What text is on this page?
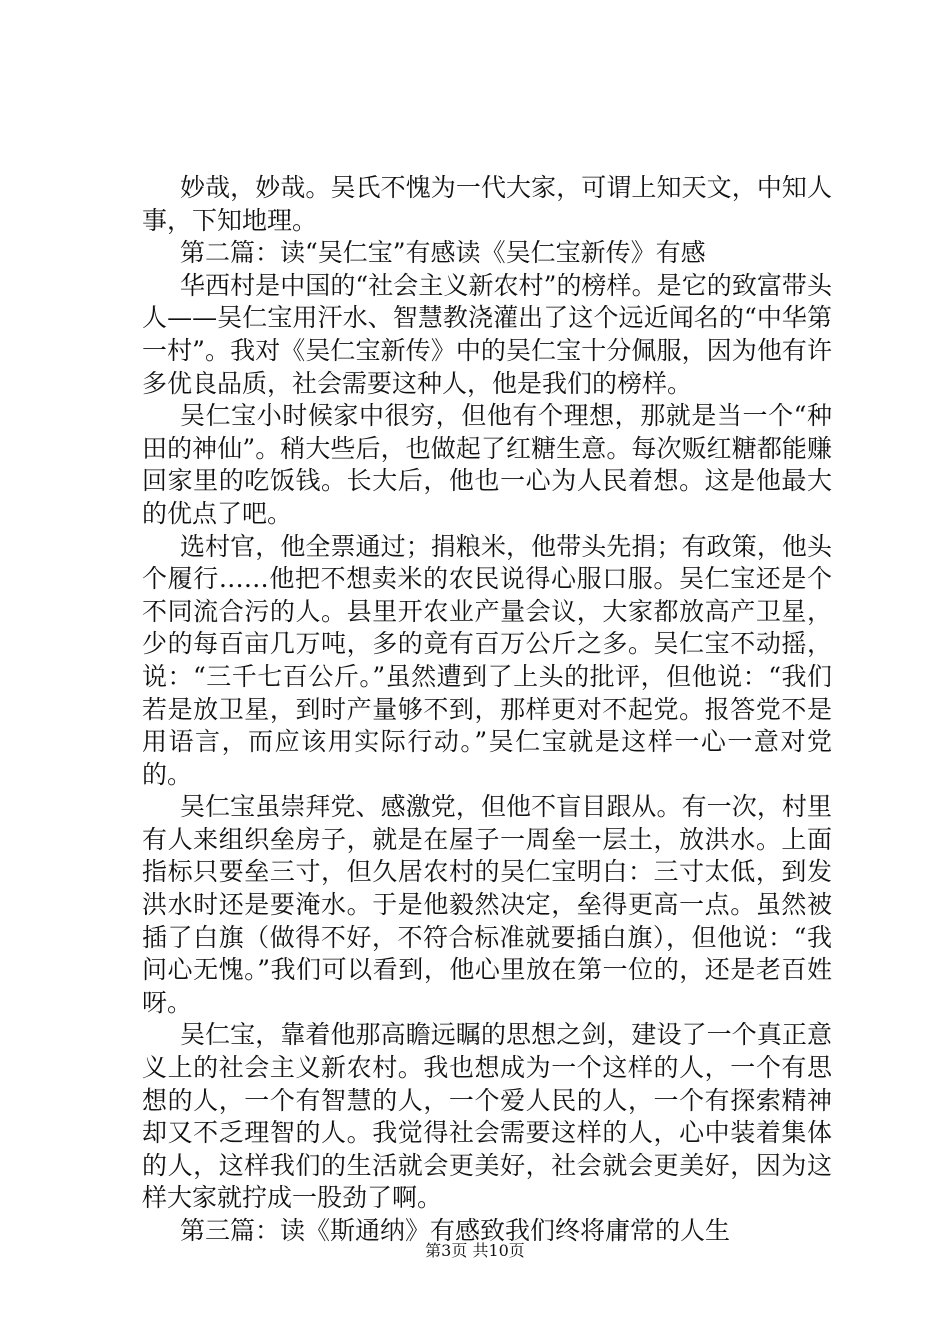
妙哉，妙哉。吴氏不愧为一代大家，可谓上知天文，中知人事，下知地理。

第二篇：读“吴仁宝”有感读《吴仁宝新传》有感

华西村是中国的“社会主义新农村”的榜样。是它的致富带头人——吴仁宝用汗水、智慧教浇灌出了这个远近闻名的“中华第一村”。我对《吴仁宝新传》中的吴仁宝十分佩服，因为他有许多优良品质，社会需要这种人，他是我们的榜样。

吴仁宝小时候家中很穷，但他有个理想，那就是当一个“种田的神仙”。稍大些后，也做起了红糖生意。每次贩红糖都能赚回家里的吃饭钱。长大后，他也一心为人民着想。这是他最大的优点了吧。

选村官，他全票通过；捐粮米，他带头先捐；有政策，他头个履行……他把不想卖米的农民说得心服口服。吴仁宝还是个不同流合污的人。县里开农业产量会议，大家都放高产卫星，少的每百亩几万吨，多的竟有百万公斤之多。吴仁宝不动摇，说：“三千七百公斤。”虽然遭到了上头的批评，但他说：“我们若是放卫星，到时产量够不到，那样更对不起党。报答党不是用语言，而应该用实际行动。”吴仁宝就是这样一心一意对党的。

吴仁宝虽崇拜党、感激党，但他不盲目跟从。有一次，村里有人来组织垒房子，就是在屋子一周垒一层土，放洪水。上面指标只要垒三寸，但久居农村的吴仁宝明白：三寸太低，到发洪水时还是要淹水。于是他毅然决定，垒得更高一点。虽然被插了白旗（做得不好，不符合标准就要插白旗），但他说：“我问心无愧。”我们可以看到，他心里放在第一位的，还是老百姓呀。

吴仁宝，靠着他那高瞻远瞩的思想之剑，建设了一个真正意义上的社会主义新农村。我也想成为一个这样的人，一个有思想的人，一个有智慧的人，一个爱人民的人，一个有探索精神却又不乏理智的人。我觉得社会需要这样的人，心中装着集体的人，这样我们的生活就会更美好，社会就会更美好，因为这样大家就拧成一股劲了啊。

第三篇：读《斯通纳》有感致我们终将庸常的人生

第3页 共10页
